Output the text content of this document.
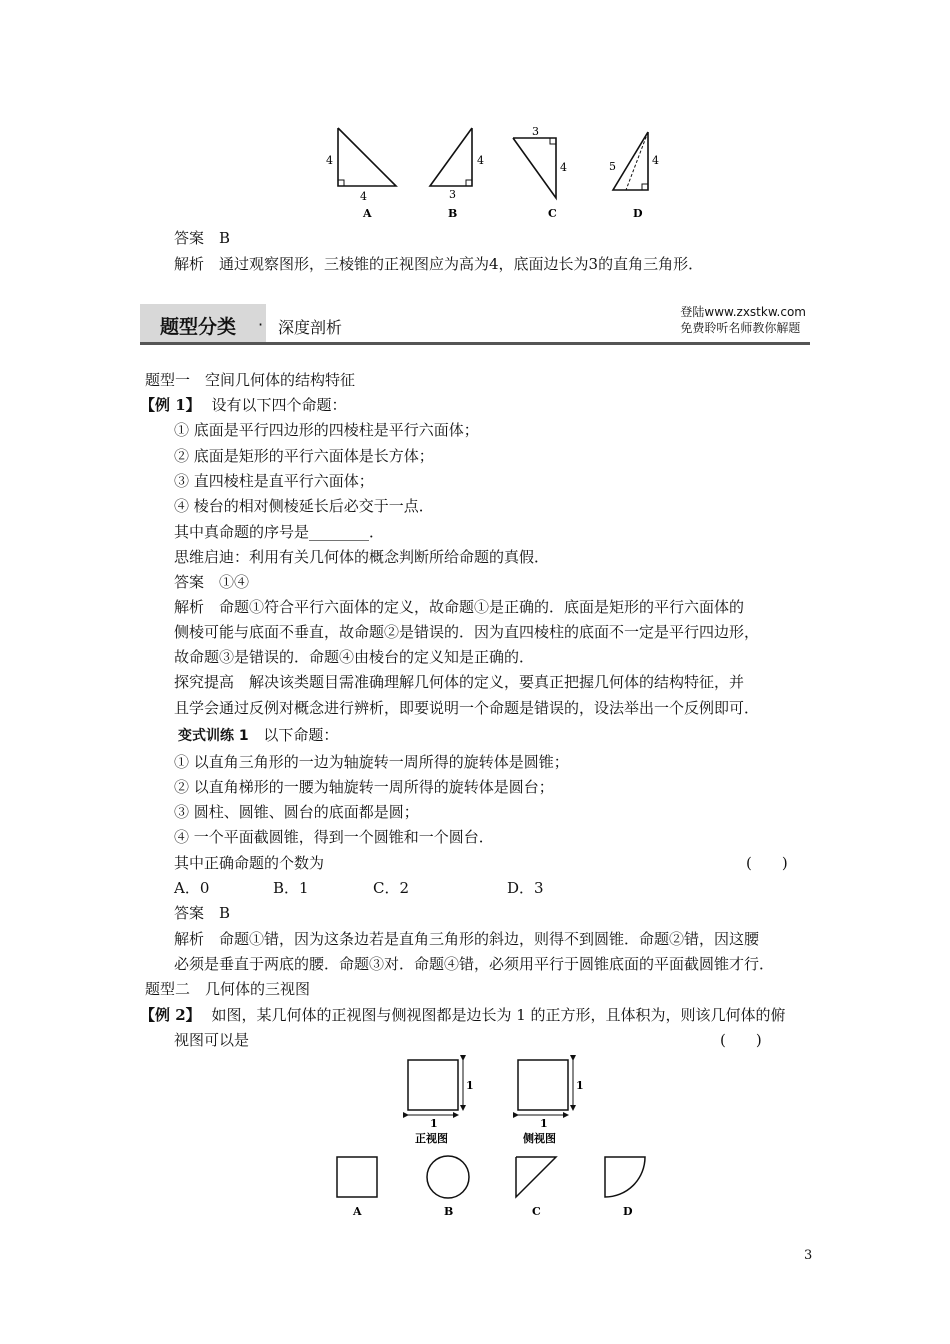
4
4
A
4
3
B
3
4
C
5	4
D
答案　B
解析　通过观察图形，三棱锥的正视图应为高为4，底面边长为3的直角三角形．
题型分类 · 深度剖析
登陆www.zxstkw.com
免费聆听名师教你解题
题型一　空间几何体的结构特征
【例 1】 设有以下四个命题：
① 底面是平行四边形的四棱柱是平行六面体；
② 底面是矩形的平行六面体是长方体；
③ 直四棱柱是直平行六面体；
④ 棱台的相对侧棱延长后必交于一点．
其中真命题的序号是________．
思维启迪：利用有关几何体的概念判断所给命题的真假．
答案　①④
解析　命题①符合平行六面体的定义，故命题①是正确的．底面是矩形的平行六面体的
侧棱可能与底面不垂直，故命题②是错误的．因为直四棱柱的底面不一定是平行四边形，
故命题③是错误的．命题④由棱台的定义知是正确的．
探究提高　解决该类题目需准确理解几何体的定义，要真正把握几何体的结构特征，并
且学会通过反例对概念进行辨析，即要说明一个命题是错误的，设法举出一个反例即可．
变式训练 1 以下命题：
① 以直角三角形的一边为轴旋转一周所得的旋转体是圆锥；
② 以直角梯形的一腰为轴旋转一周所得的旋转体是圆台；
③ 圆柱、圆锥、圆台的底面都是圆；
④ 一个平面截圆锥，得到一个圆锥和一个圆台．
其中正确命题的个数为	(　　)
A．0	B．1	C．2	D．3
答案　B
解析　命题①错，因为这条边若是直角三角形的斜边，则得不到圆锥．命题②错，因这腰
必须是垂直于两底的腰．命题③对．命题④错，必须用平行于圆锥底面的平面截圆锥才行．
题型二　几何体的三视图
【例 2】 如图，某几何体的正视图与侧视图都是边长为 1 的正方形，且体积为，则该几何体的俯
视图可以是	(　　)
1
1
正视图
1
1
侧视图
A	B	C	D
3
